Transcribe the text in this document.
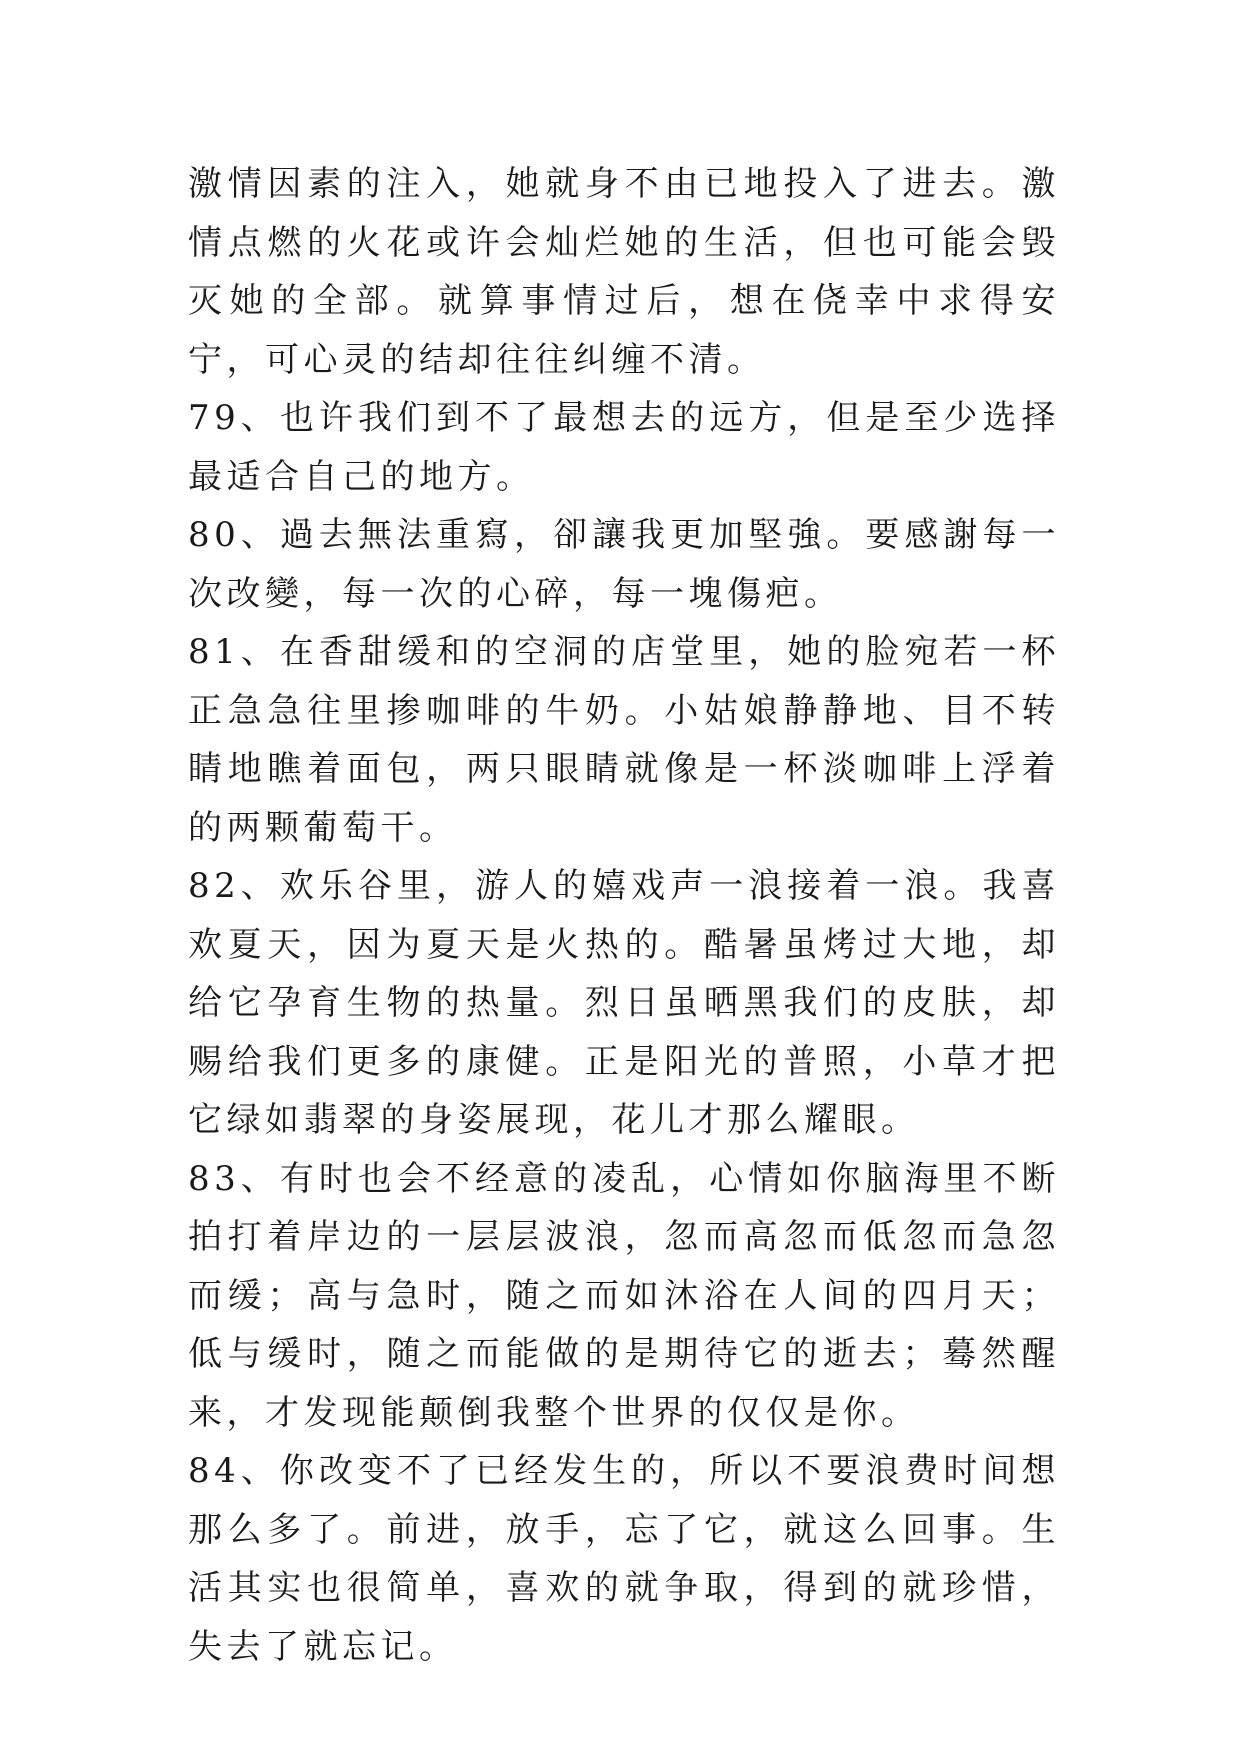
激情因素的注入，她就身不由已地投入了进去。激情点燃的火花或许会灿烂她的生活，但也可能会毁灭她的全部。就算事情过后，想在侥幸中求得安宁，可心灵的结却往往纠缠不清。

79、也许我们到不了最想去的远方，但是至少选择最适合自己的地方。

80、過去無法重寫，卻讓我更加堅強。要感謝每一次改變，每一次的心碎，每一塊傷疤。

81、在香甜缓和的空洞的店堂里，她的脸宛若一杯正急急往里掺咖啡的牛奶。小姑娘静静地、目不转睛地瞧着面包，两只眼睛就像是一杯淡咖啡上浮着的两颗葡萄干。

82、欢乐谷里，游人的嬉戏声一浪接着一浪。我喜欢夏天，因为夏天是火热的。酷暑虽烤过大地，却给它孕育生物的热量。烈日虽晒黑我们的皮肤，却赐给我们更多的康健。正是阳光的普照，小草才把它绿如翡翠的身姿展现，花儿才那么耀眼。

83、有时也会不经意的凌乱，心情如你脑海里不断拍打着岸边的一层层波浪，忽而高忽而低忽而急忽而缓；高与急时，随之而如沐浴在人间的四月天；低与缓时，随之而能做的是期待它的逝去；蓦然醒来，才发现能颠倒我整个世界的仅仅是你。

84、你改变不了已经发生的，所以不要浪费时间想那么多了。前进，放手，忘了它，就这么回事。生活其实也很简单，喜欢的就争取，得到的就珍惜，失去了就忘记。
